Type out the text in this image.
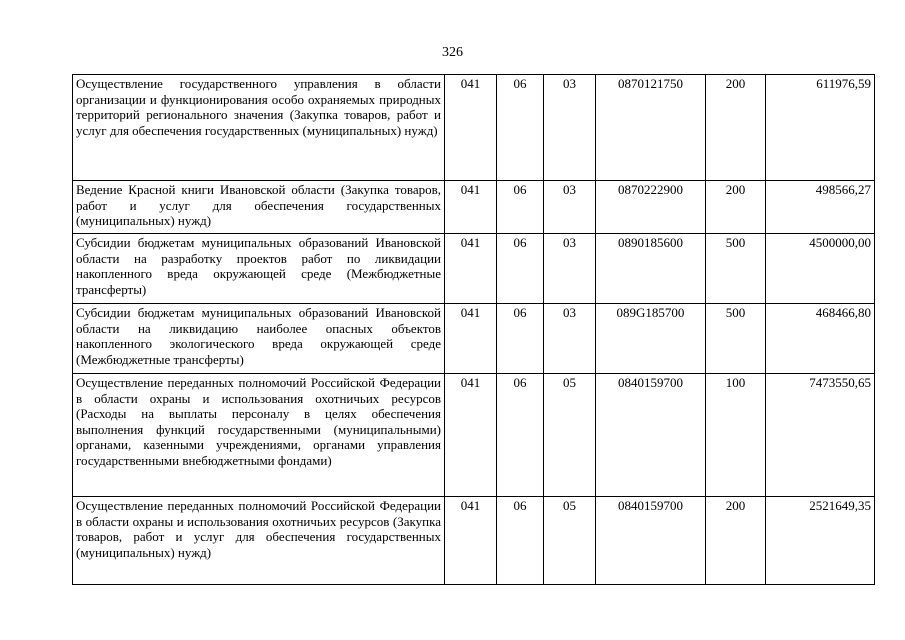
326
Осуществление государственного управления в области организации и функционирования особо охраняемых природных территорий регионального значения (Закупка товаров, работ и услуг для обеспечения государственных (муниципальных) нужд)	041	06	03	0870121750	200	611976,59
Ведение Красной книги Ивановской области (Закупка товаров, работ и услуг для обеспечения государственных (муниципальных) нужд)	041	06	03	0870222900	200	498566,27
Субсидии бюджетам муниципальных образований Ивановской области на разработку проектов работ по ликвидации накопленного вреда окружающей среде (Межбюджетные трансферты)	041	06	03	0890185600	500	4500000,00
Субсидии бюджетам муниципальных образований Ивановской области на ликвидацию наиболее опасных объектов накопленного экологического вреда окружающей среде (Межбюджетные трансферты)	041	06	03	089G185700	500	468466,80
Осуществление переданных полномочий Российской Федерации в области охраны и использования охотничьих ресурсов (Расходы на выплаты персоналу в целях обеспечения выполнения функций государственными (муниципальными) органами, казенными учреждениями, органами управления государственными внебюджетными фондами)	041	06	05	0840159700	100	7473550,65
Осуществление переданных полномочий Российской Федерации в области охраны и использования охотничьих ресурсов (Закупка товаров, работ и услуг для обеспечения государственных (муниципальных) нужд)	041	06	05	0840159700	200	2521649,35
